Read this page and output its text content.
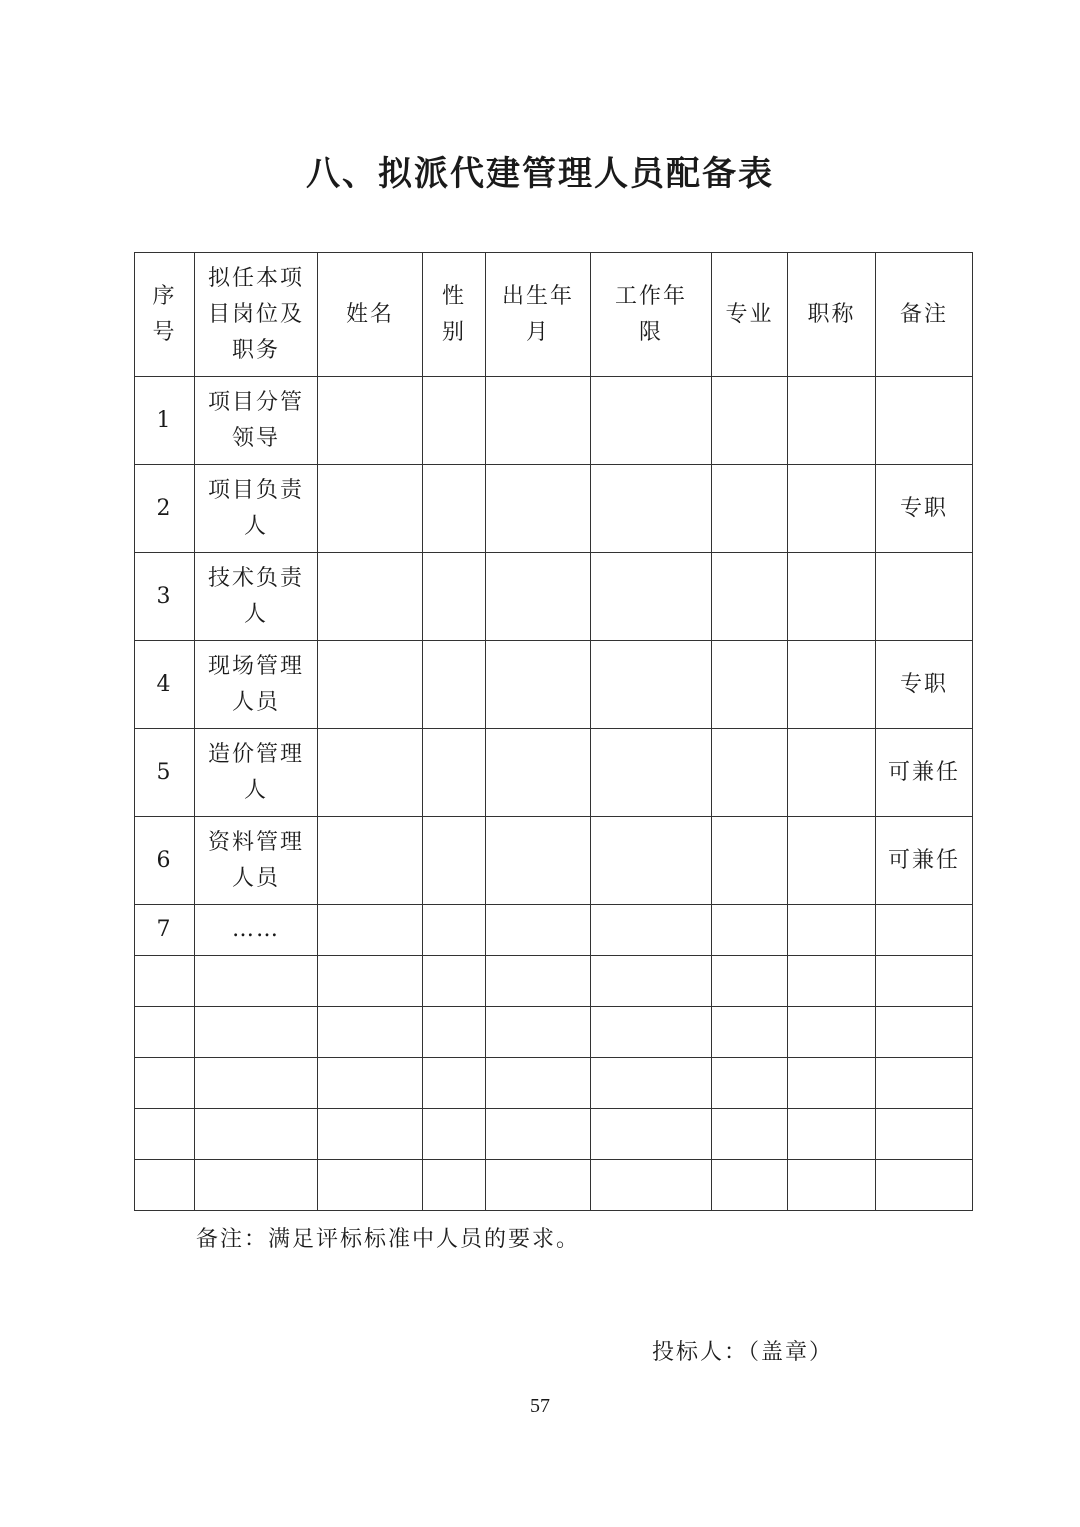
八、拟派代建管理人员配备表
序
号	拟任本项
目岗位及
职务	姓名	性
别	出生年
月	工作年
限	专业	职称	备注

1	项目分管
领导							

2	项目负责
人							专职

3	技术负责
人							

4	现场管理
人员							专职

5	造价管理
人							可兼任

6	资料管理
人员							可兼任

7	……							

备注：满足评标标准中人员的要求。
投标人：（盖章）
57
